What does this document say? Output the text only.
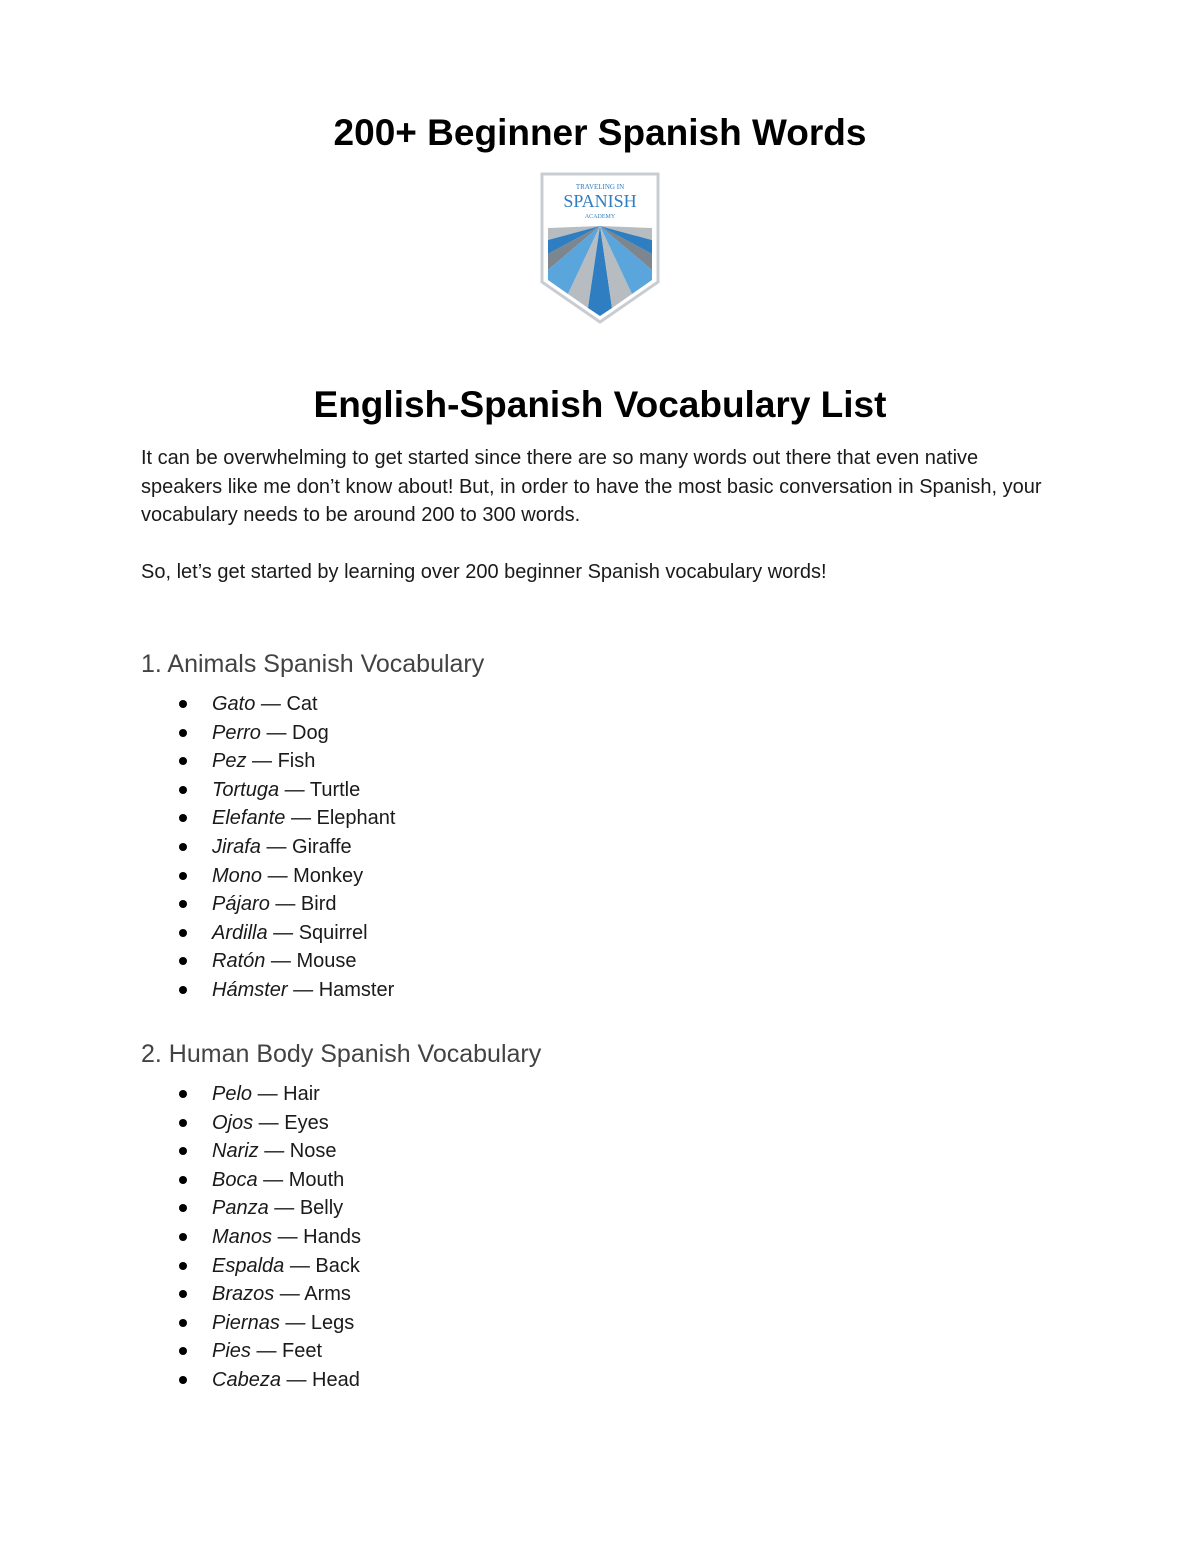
200+ Beginner Spanish Words
TRAVELING IN
SPANISH
ACADEMY
English-Spanish Vocabulary List

It can be overwhelming to get started since there are so many words out there that even native speakers like me don’t know about! But, in order to have the most basic conversation in Spanish, your vocabulary needs to be around 200 to 300 words.

So, let’s get started by learning over 200 beginner Spanish vocabulary words!

1. Animals Spanish Vocabulary
Gato — Cat
Perro — Dog
Pez — Fish
Tortuga — Turtle
Elefante — Elephant
Jirafa — Giraffe
Mono — Monkey
Pájaro — Bird
Ardilla — Squirrel
Ratón — Mouse
Hámster — Hamster
2. Human Body Spanish Vocabulary
Pelo — Hair
Ojos — Eyes
Nariz — Nose
Boca — Mouth
Panza — Belly
Manos — Hands
Espalda — Back
Brazos — Arms
Piernas — Legs
Pies — Feet
Cabeza — Head
